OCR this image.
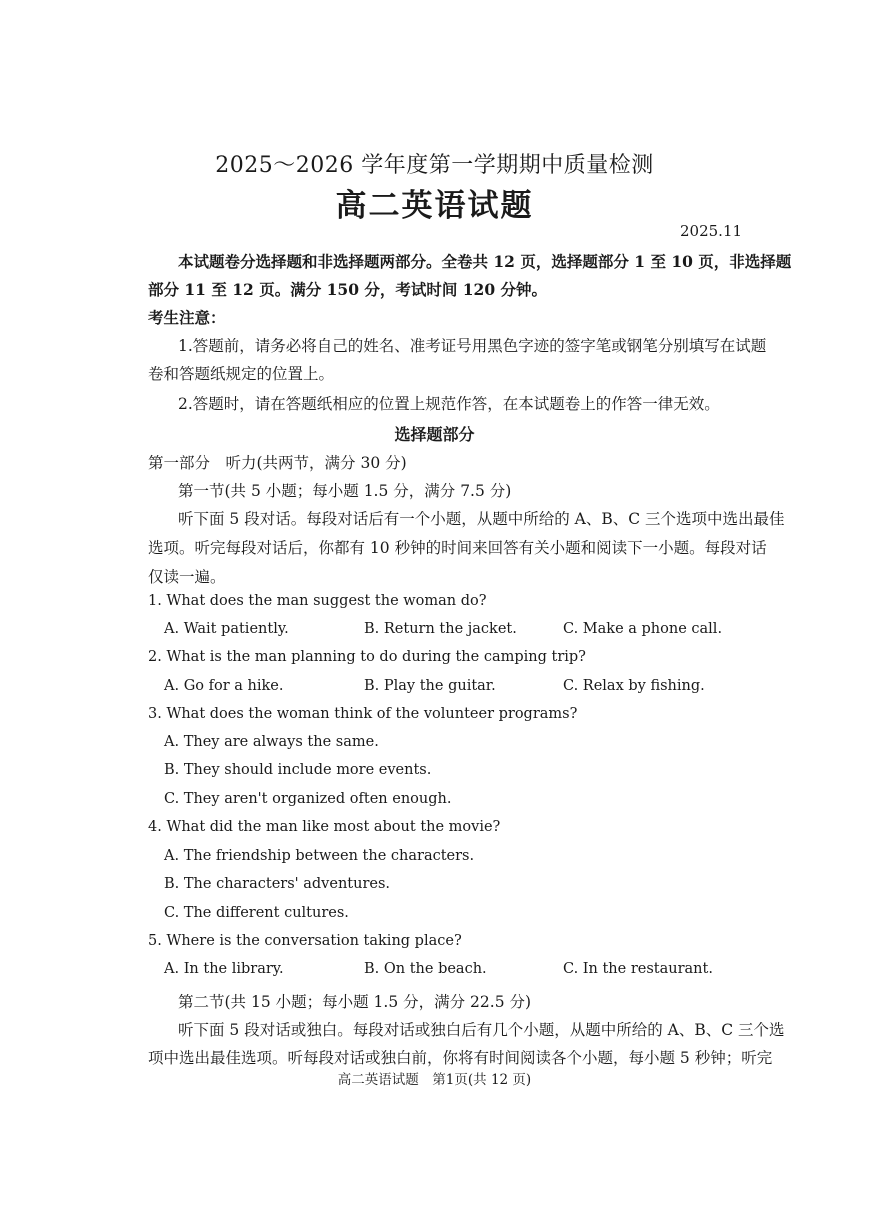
2025～2026 学年度第一学期期中质量检测
高二英语试题
2025.11
本试题卷分选择题和非选择题两部分。全卷共 12 页，选择题部分 1 至 10 页，非选择题
部分 11 至 12 页。满分 150 分，考试时间 120 分钟。
考生注意：
1.答题前，请务必将自己的姓名、准考证号用黑色字迹的签字笔或钢笔分别填写在试题
卷和答题纸规定的位置上。
2.答题时，请在答题纸相应的位置上规范作答，在本试题卷上的作答一律无效。
选择题部分
第一部分　听力(共两节，满分 30 分)
第一节(共 5 小题；每小题 1.5 分，满分 7.5 分)
听下面 5 段对话。每段对话后有一个小题，从题中所给的 A、B、C 三个选项中选出最佳
选项。听完每段对话后，你都有 10 秒钟的时间来回答有关小题和阅读下一小题。每段对话
仅读一遍。
1. What does the man suggest the woman do?
A. Wait patiently.	B. Return the jacket.	C. Make a phone call.
2. What is the man planning to do during the camping trip?
A. Go for a hike.	B. Play the guitar.	C. Relax by fishing.
3. What does the woman think of the volunteer programs?
A. They are always the same.
B. They should include more events.
C. They aren't organized often enough.
4. What did the man like most about the movie?
A. The friendship between the characters.
B. The characters' adventures.
C. The different cultures.
5. Where is the conversation taking place?
A. In the library.	B. On the beach.	C. In the restaurant.
第二节(共 15 小题；每小题 1.5 分，满分 22.5 分)
听下面 5 段对话或独白。每段对话或独白后有几个小题，从题中所给的 A、B、C 三个选
项中选出最佳选项。听每段对话或独白前，你将有时间阅读各个小题，每小题 5 秒钟；听完
高二英语试题　第1页(共 12 页)
